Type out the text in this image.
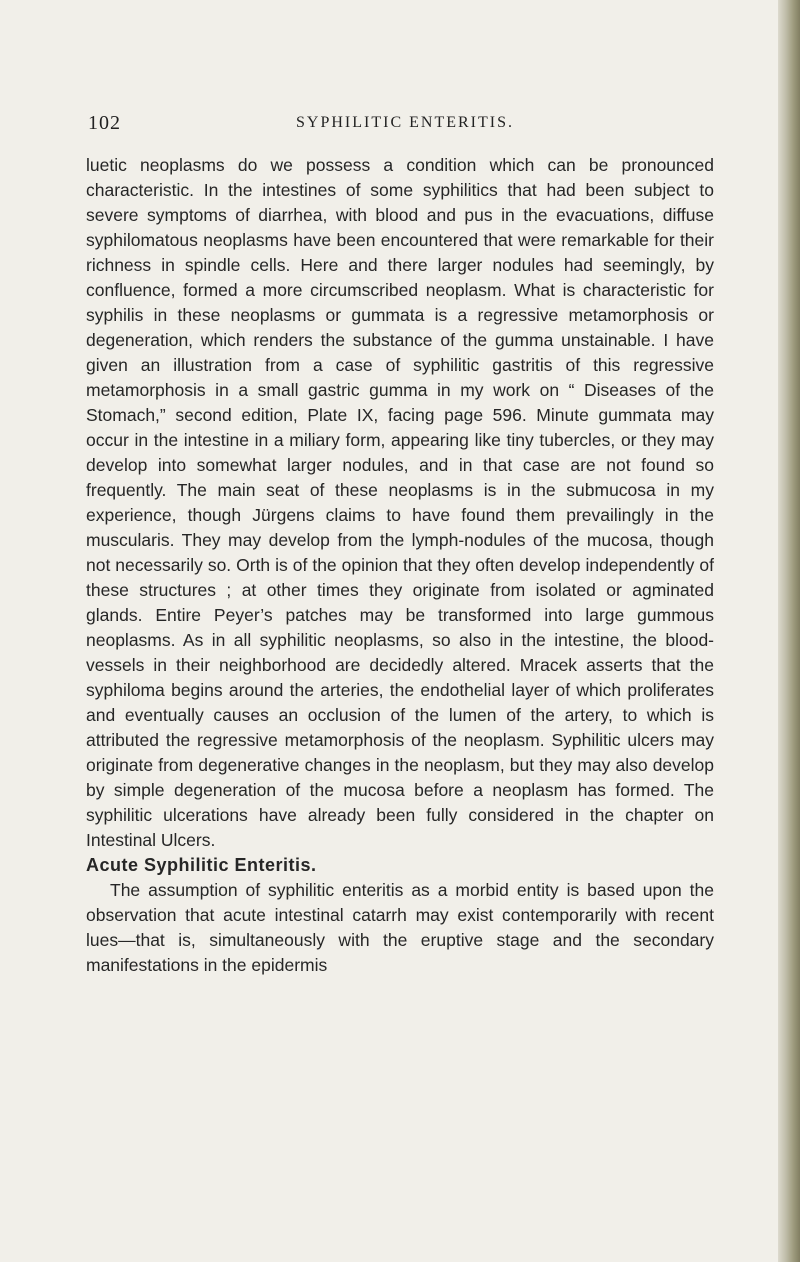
102	SYPHILITIC ENTERITIS.

luetic neoplasms do we possess a condition which can be pronounced characteristic. In the intestines of some syphilitics that had been subject to severe symptoms of diarrhea, with blood and pus in the evacuations, diffuse syphilomatous neoplasms have been encountered that were remarkable for their richness in spindle cells. Here and there larger nodules had seemingly, by confluence, formed a more circumscribed neoplasm. What is characteristic for syphilis in these neoplasms or gummata is a regressive metamorphosis or degeneration, which renders the substance of the gumma unstainable. I have given an illustration from a case of syphilitic gastritis of this regressive metamorphosis in a small gastric gumma in my work on “ Diseases of the Stomach,” second edition, Plate IX, facing page 596. Minute gummata may occur in the intestine in a miliary form, appearing like tiny tubercles, or they may develop into somewhat larger nodules, and in that case are not found so frequently. The main seat of these neoplasms is in the submucosa in my experience, though Jürgens claims to have found them prevailingly in the muscularis. They may develop from the lymph-nodules of the mucosa, though not necessarily so. Orth is of the opinion that they often develop independently of these structures ; at other times they originate from isolated or agminated glands. Entire Peyer’s patches may be transformed into large gummous neoplasms. As in all syphilitic neoplasms, so also in the intestine, the blood-vessels in their neighborhood are decidedly altered. Mracek asserts that the syphiloma begins around the arteries, the endothelial layer of which proliferates and eventually causes an occlusion of the lumen of the artery, to which is attributed the regressive metamorphosis of the neoplasm. Syphilitic ulcers may originate from degenerative changes in the neoplasm, but they may also develop by simple degeneration of the mucosa before a neoplasm has formed. The syphilitic ulcerations have already been fully considered in the chapter on Intestinal Ulcers.

Acute Syphilitic Enteritis.

The assumption of syphilitic enteritis as a morbid entity is based upon the observation that acute intestinal catarrh may exist contemporarily with recent lues—that is, simultaneously with the eruptive stage and the secondary manifestations in the epidermis
